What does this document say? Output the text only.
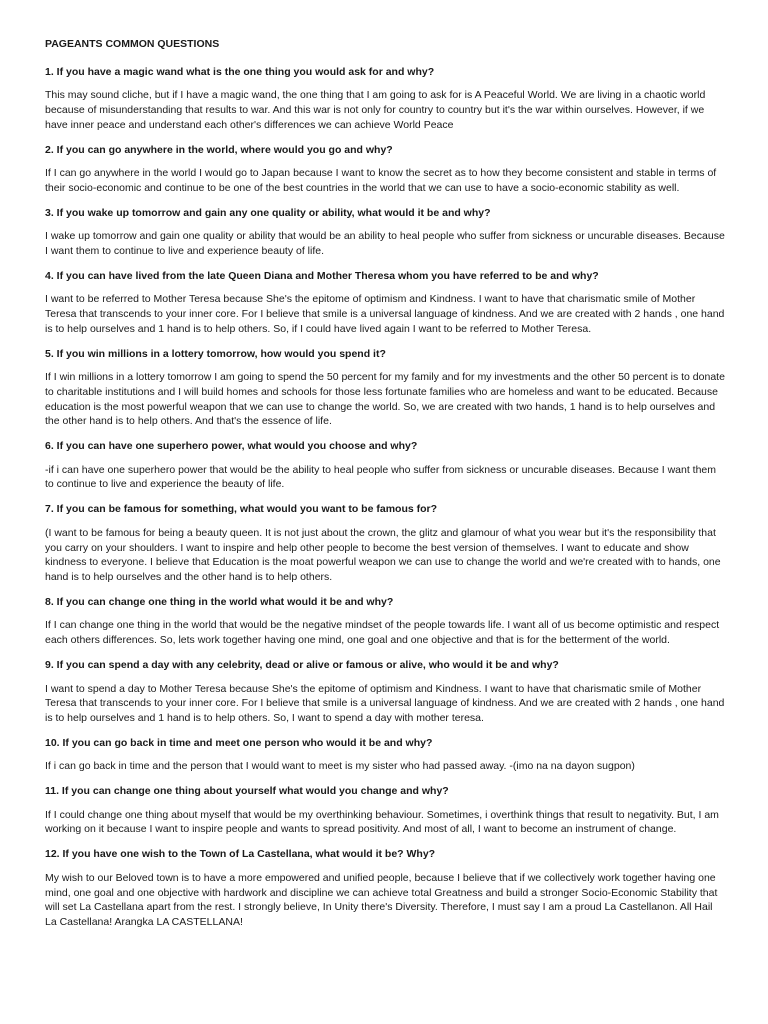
PAGEANTS COMMON QUESTIONS
1. If you have a magic wand what is the one thing you would ask for and why?
This may sound cliche, but if I have a magic wand, the one thing that I am going to ask for is A Peaceful World. We are living in a chaotic world because of misunderstanding that results to war. And this war is not only for country to country but it's the war within ourselves. However, if we have inner peace and understand each other's differences we can achieve World Peace
2. If you can go anywhere in the world, where would you go and why?
If I can go anywhere in the world I would go to Japan because I want to know the secret as to how they become consistent and stable in terms of their socio-economic and continue to be one of the best countries in the world that we can use to have a socio-economic stability as well.
3. If you wake up tomorrow and gain any one quality or ability, what would it be and why?
I wake up tomorrow and gain one quality or ability that would be an ability to heal people who suffer from sickness or uncurable diseases. Because I want them to continue to live and experience beauty of life.
4. If you can have lived from the late Queen Diana and Mother Theresa whom you have referred to be and why?
I want to be referred to Mother Teresa because She's the epitome of optimism and Kindness. I want to have that charismatic smile of Mother Teresa that transcends to your inner core. For I believe that smile is a universal language of kindness. And we are created with 2 hands , one hand is to help ourselves and 1 hand is to help others. So, if I could have lived again I want to be referred to Mother Teresa.
5. If you win millions in a lottery tomorrow, how would you spend it?
If I win millions in a lottery tomorrow I am going to spend the 50 percent for my family and for my investments and the other 50 percent is to donate to charitable institutions and I will build homes and schools for those less fortunate families who are homeless and want to be educated. Because education is the most powerful weapon that we can use to change the world. So, we are created with two hands, 1 hand is to help ourselves and the other hand is to help others. And that's the essence of life.
6. If you can have one superhero power, what would you choose and why?
-if i can have one superhero power that would be the ability to heal people who suffer from sickness or uncurable diseases. Because I want them to continue to live and experience the beauty of life.
7. If you can be famous for something, what would you want to be famous for?
(I want to be famous for being a beauty queen. It is not just about the crown, the glitz and glamour of what you wear but it's the responsibility that you carry on your shoulders. I want to inspire and help other people to become the best version of themselves. I want to educate and show kindness to everyone. I believe that Education is the moat powerful weapon we can use to change the world and we're created with to hands, one hand is to help ourselves and the other hand is to help others.
8. If you can change one thing in the world what would it be and why?
If I can change one thing in the world that would be the negative mindset of the people towards life. I want all of us become optimistic and respect each others differences. So, lets work together having one mind, one goal and one objective and that is for the betterment of the world.
9. If you can spend a day with any celebrity, dead or alive or famous or alive, who would it be and why?
I want to spend a day to Mother Teresa because She's the epitome of optimism and Kindness. I want to have that charismatic smile of Mother Teresa that transcends to your inner core. For I believe that smile is a universal language of kindness. And we are created with 2 hands , one hand is to help ourselves and 1 hand is to help others. So, I want to spend a day with mother teresa.
10. If you can go back in time and meet one person who would it be and why?
If i can go back in time and the person that I would want to meet is my sister who had passed away. -(imo na na dayon sugpon)
11. If you can change one thing about yourself what would you change and why?
If I could change one thing about myself that would be my overthinking behaviour. Sometimes, i overthink things that result to negativity. But, I am working on it because I want to inspire people and wants to spread positivity. And most of all, I want to become an instrument of change.
12. If you have one wish to the Town of La Castellana, what would it be? Why?
My wish to our Beloved town is to have a more empowered and unified people, because I believe that if we collectively work together having one mind, one goal and one objective with hardwork and discipline we can achieve total Greatness and build a stronger Socio-Economic Stability that will set La Castellana apart from the rest. I strongly believe, In Unity there's Diversity. Therefore, I must say I am a proud La Castellanon. All Hail La Castellana! Arangka LA CASTELLANA!
